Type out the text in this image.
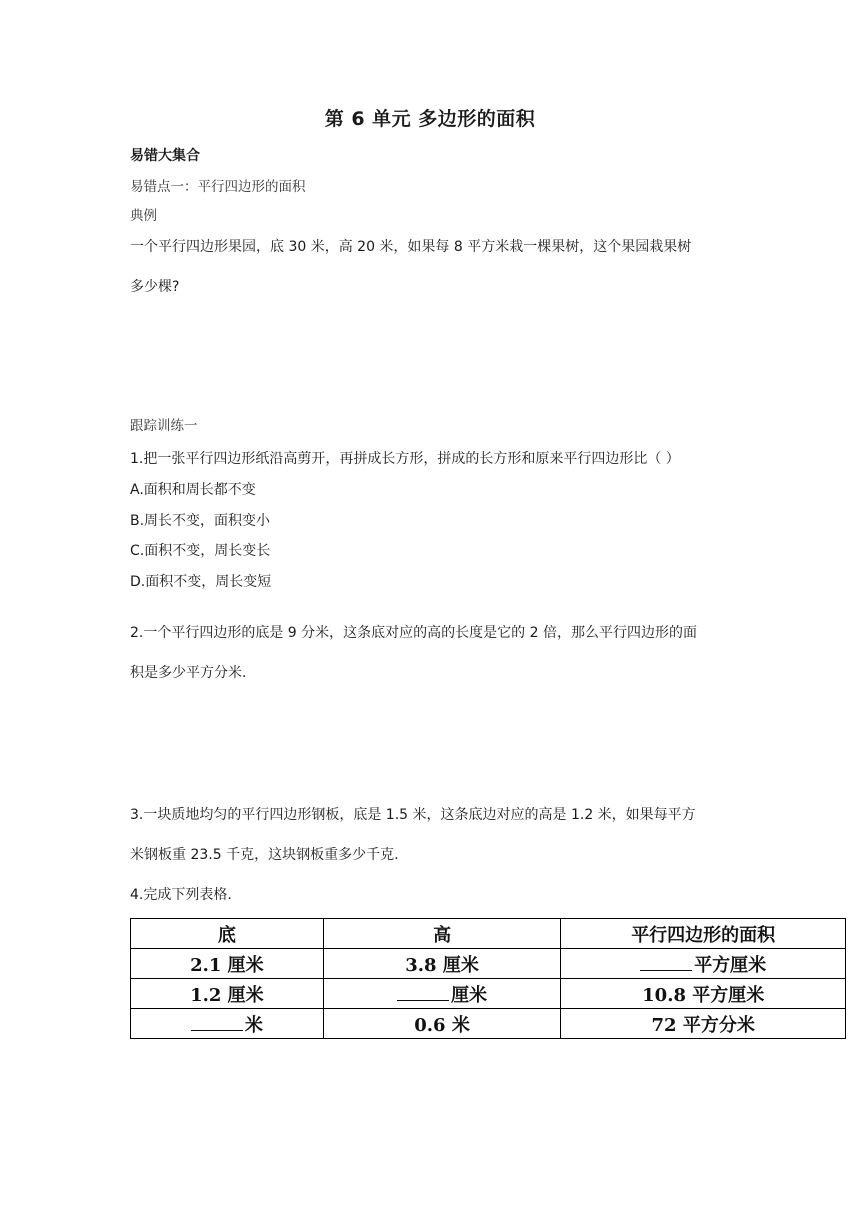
第 6 单元 多边形的面积
易错大集合
易错点一：平行四边形的面积
典例
一个平行四边形果园，底 30 米，高 20 米，如果每 8 平方米栽一棵果树，这个果园栽果树
多少棵?
跟踪训练一
1.把一张平行四边形纸沿高剪开，再拼成长方形，拼成的长方形和原来平行四边形比（ ）
A.面积和周长都不变
B.周长不变，面积变小
C.面积不变，周长变长
D.面积不变，周长变短
2.一个平行四边形的底是 9 分米，这条底对应的高的长度是它的 2 倍，那么平行四边形的面
积是多少平方分米.
3.一块质地均匀的平行四边形钢板，底是 1.5 米，这条底边对应的高是 1.2 米，如果每平方
米钢板重 23.5 千克，这块钢板重多少千克.
4.完成下列表格.
底	高	平行四边形的面积
2.1 厘米	3.8 厘米	平方厘米
1.2 厘米	厘米	10.8 平方厘米
米	0.6 米	72 平方分米
